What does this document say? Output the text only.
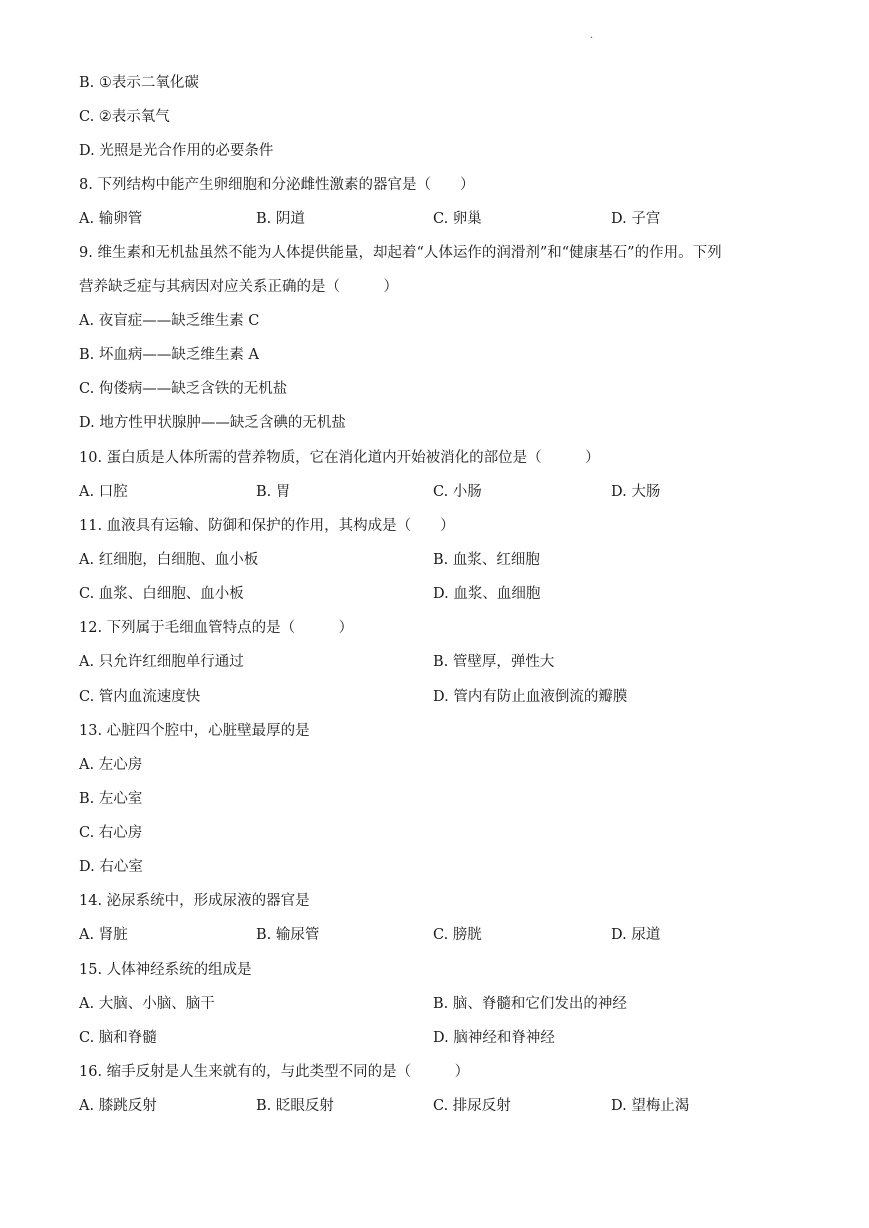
.
B. ①表示二氧化碳
C. ②表示氧气
D. 光照是光合作用的必要条件
8. 下列结构中能产生卵细胞和分泌雌性激素的器官是（　　）
A. 输卵管	B. 阴道	C. 卵巢	D. 子宫
9. 维生素和无机盐虽然不能为人体提供能量，却起着“人体运作的润滑剂”和“健康基石”的作用。下列
营养缺乏症与其病因对应关系正确的是（　　　）
A. 夜盲症——缺乏维生素 C
B. 坏血病——缺乏维生素 A
C. 佝偻病——缺乏含铁的无机盐
D. 地方性甲状腺肿——缺乏含碘的无机盐
10. 蛋白质是人体所需的营养物质，它在消化道内开始被消化的部位是（　　　）
A. 口腔	B. 胃	C. 小肠	D. 大肠
11. 血液具有运输、防御和保护的作用，其构成是（　　）
A. 红细胞，白细胞、血小板	B. 血浆、红细胞
C. 血浆、白细胞、血小板	D. 血浆、血细胞
12. 下列属于毛细血管特点的是（　　　）
A. 只允许红细胞单行通过	B. 管壁厚，弹性大
C. 管内血流速度快	D. 管内有防止血液倒流的瓣膜
13. 心脏四个腔中，心脏壁最厚的是
A. 左心房
B. 左心室
C. 右心房
D. 右心室
14. 泌尿系统中，形成尿液的器官是
A. 肾脏	B. 输尿管	C. 膀胱	D. 尿道
15. 人体神经系统的组成是
A. 大脑、小脑、脑干	B. 脑、脊髓和它们发出的神经
C. 脑和脊髓	D. 脑神经和脊神经
16. 缩手反射是人生来就有的，与此类型不同的是（　　　）
A. 膝跳反射	B. 眨眼反射	C. 排尿反射	D. 望梅止渴
